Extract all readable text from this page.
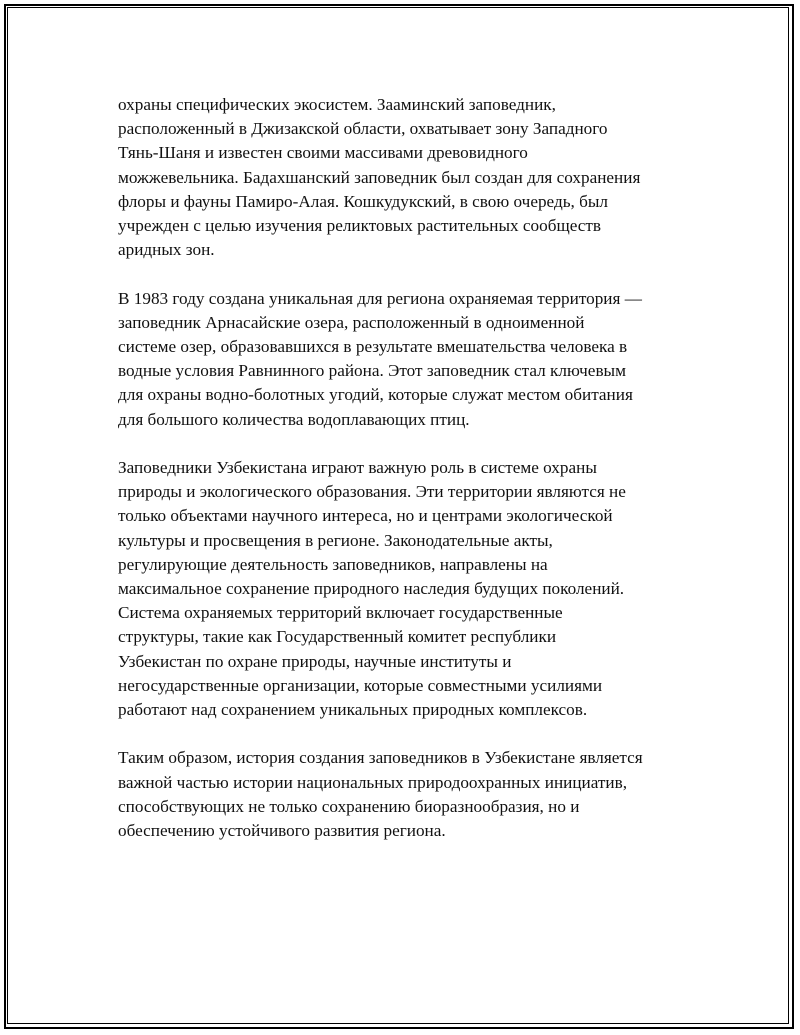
охраны специфических экосистем. Зааминский заповедник,
расположенный в Джизакской области, охватывает зону Западного
Тянь-Шаня и известен своими массивами древовидного
можжевельника. Бадахшанский заповедник был создан для сохранения
флоры и фауны Памиро-Алая. Кошкудукский, в свою очередь, был
учрежден с целью изучения реликтовых растительных сообществ
аридных зон.

В 1983 году создана уникальная для региона охраняемая территория —
заповедник Арнасайские озера, расположенный в одноименной
системе озер, образовавшихся в результате вмешательства человека в
водные условия Равнинного района. Этот заповедник стал ключевым
для охраны водно-болотных угодий, которые служат местом обитания
для большого количества водоплавающих птиц.

Заповедники Узбекистана играют важную роль в системе охраны
природы и экологического образования. Эти территории являются не
только объектами научного интереса, но и центрами экологической
культуры и просвещения в регионе. Законодательные акты,
регулирующие деятельность заповедников, направлены на
максимальное сохранение природного наследия будущих поколений.
Система охраняемых территорий включает государственные
структуры, такие как Государственный комитет республики
Узбекистан по охране природы, научные институты и
негосударственные организации, которые совместными усилиями
работают над сохранением уникальных природных комплексов.

Таким образом, история создания заповедников в Узбекистане является
важной частью истории национальных природоохранных инициатив,
способствующих не только сохранению биоразнообразия, но и
обеспечению устойчивого развития региона.
